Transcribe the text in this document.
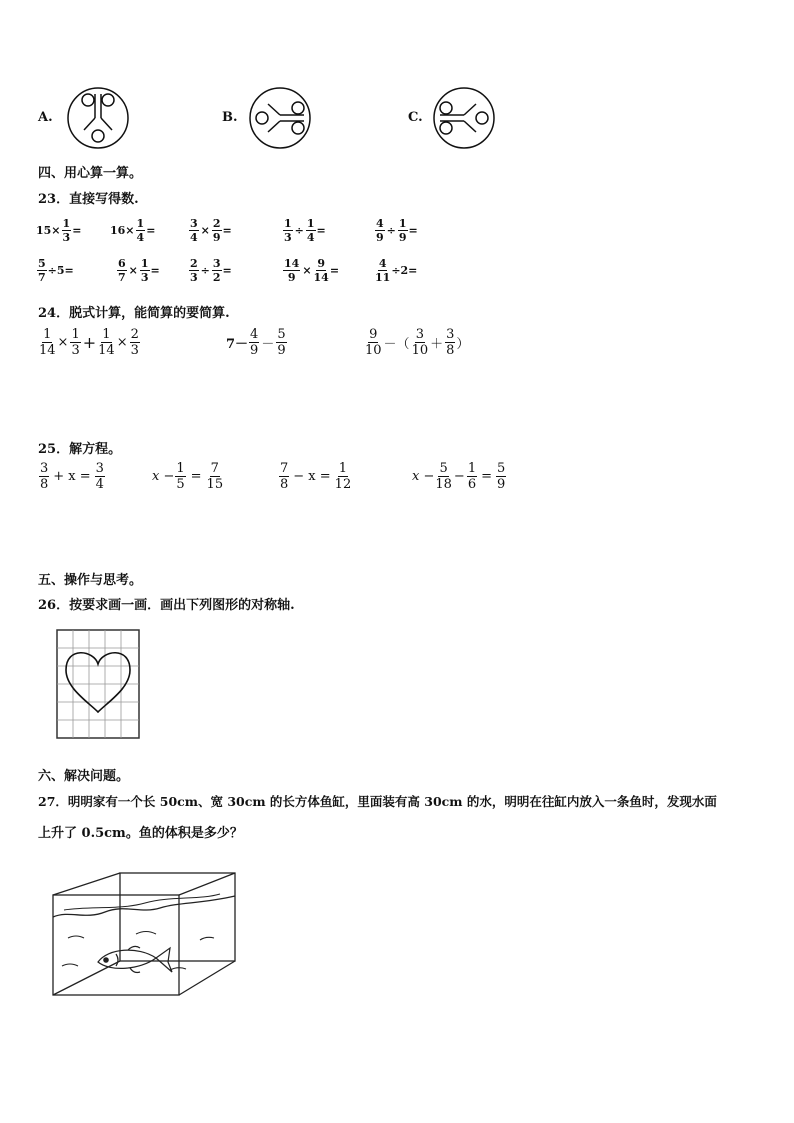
A.	B.	C.
四、用心算一算。
23．直接写得数.
$15\times \frac{1}{3}$ =	$16\times \frac{1}{4}$ =	$\frac{3}{4} \times \frac{2}{9}$ =	$\frac{1}{3} \div \frac{1}{4}$ =	$\frac{4}{9} \div \frac{1}{9}$ =
$\frac{5}{7} \div 5=$	$\frac{6}{7} \times \frac{1}{3}$ =	$\frac{2}{3} \div \frac{3}{2}$ =	$\frac{14}{9} \times \frac{9}{14}$ =	$\frac{4}{11} \div 2=$
24．脱式计算，能简算的要简算.
$\frac{1}{14} \times \frac{1}{3} + \frac{1}{14} \times \frac{2}{3}$	$7- \frac{4}{9} - \frac{5}{9}$	$\frac{9}{10}$ －（ $\frac{3}{10} + \frac{3}{8}$ ）
25．解方程。
$\frac{3}{8} + x = \frac{3}{4}$	$x - \frac{1}{5} = \frac{7}{15}$	$\frac{7}{8} - x = \frac{1}{12}$	$x - \frac{5}{18} - \frac{1}{6} = \frac{5}{9}$
五、操作与思考。
26．按要求画一画．画出下列图形的对称轴.
六、解决问题。
27．明明家有一个长 50cm、宽 30cm 的长方体鱼缸，里面装有高 30cm 的水，明明在往缸内放入一条鱼时，发现水面
上升了 0.5cm。鱼的体积是多少？
